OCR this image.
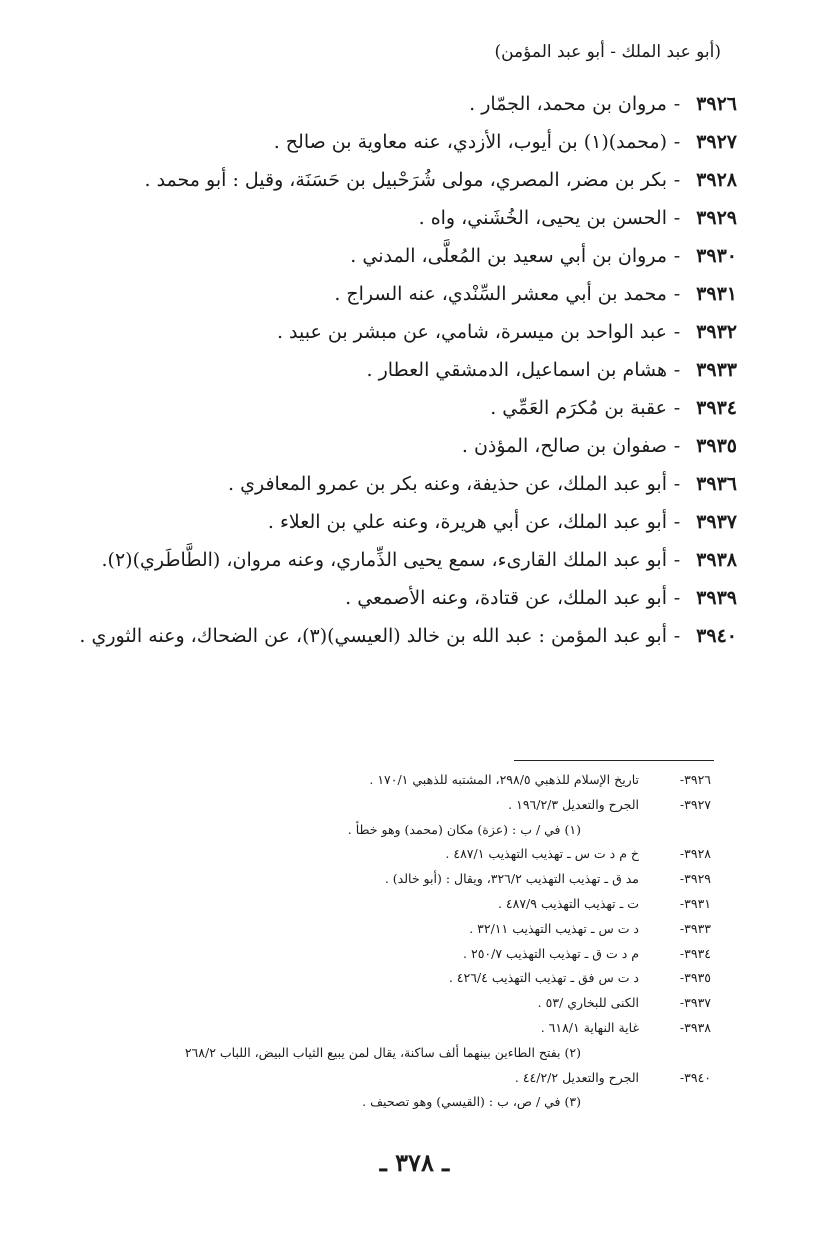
(أبو عبد الملك - أبو عبد المؤمن)
٣٩٢٦
-
مروان بن محمد، الجمّار .
٣٩٢٧
-
(محمد)(١) بن أيوب، الأزدي، عنه معاوية بن صالح .
٣٩٢٨
-
بكر بن مضر، المصري، مولى شُرَحْبيل بن حَسَنَة، وقيل : أبو محمد .
٣٩٢٩
-
الحسن بن يحيى، الخُشَني، واه .
٣٩٣٠
-
مروان بن أبي سعيد بن المُعلَّى، المدني .
٣٩٣١
-
محمد بن أبي معشر السِّنْدي، عنه السراج .
٣٩٣٢
-
عبد الواحد بن ميسرة، شامي، عن مبشر بن عبيد .
٣٩٣٣
-
هشام بن اسماعيل، الدمشقي العطار .
٣٩٣٤
-
عقبة بن مُكرَم العَمِّي .
٣٩٣٥
-
صفوان بن صالح، المؤذن .
٣٩٣٦
-
أبو عبد الملك، عن حذيفة، وعنه بكر بن عمرو المعافري .
٣٩٣٧
-
أبو عبد الملك، عن أبي هريرة، وعنه علي بن العلاء .
٣٩٣٨
-
أبو عبد الملك القارىء، سمع يحيى الذِّماري، وعنه مروان، (الطَّاطَري)(٢).
٣٩٣٩
-
أبو عبد الملك، عن قتادة، وعنه الأصمعي .
٣٩٤٠
-
أبو عبد المؤمن : عبد الله بن خالد (العيسي)(٣)، عن الضحاك، وعنه الثوري .
٣٩٢٦-
تاريخ الإسلام للذهبي ٢٩٨/٥، المشتبه للذهبي ١٧٠/١ .
٣٩٢٧-
الجرح والتعديل ١٩٦/٢/٣ .
(١) في / ب : (عزة) مكان (محمد) وهو خطأ .
٣٩٢٨-
خ م د ت س ـ تهذيب التهذيب ٤٨٧/١ .
٣٩٢٩-
مد ق ـ تهذيب التهذيب ٣٢٦/٢، ويقال : (أبو خالد) .
٣٩٣١-
ت ـ تهذيب التهذيب ٤٨٧/٩ .
٣٩٣٣-
د ت س ـ تهذيب التهذيب ٣٢/١١ .
٣٩٣٤-
م د ت ق ـ تهذيب التهذيب ٢٥٠/٧ .
٣٩٣٥-
د ت س فق ـ تهذيب التهذيب ٤٢٦/٤ .
٣٩٣٧-
الكنى للبخاري /٥٣ .
٣٩٣٨-
غاية النهاية ٦١٨/١ .
(٢) بفتح الطاءين بينهما ألف ساكنة، يقال لمن يبيع الثياب البيض، اللباب ٢٦٨/٢
٣٩٤٠-
الجرح والتعديل ٤٤/٢/٢ .
(٣) في / ص، ب : (القيسي) وهو تصحيف .
ـ ٣٧٨ ـ
